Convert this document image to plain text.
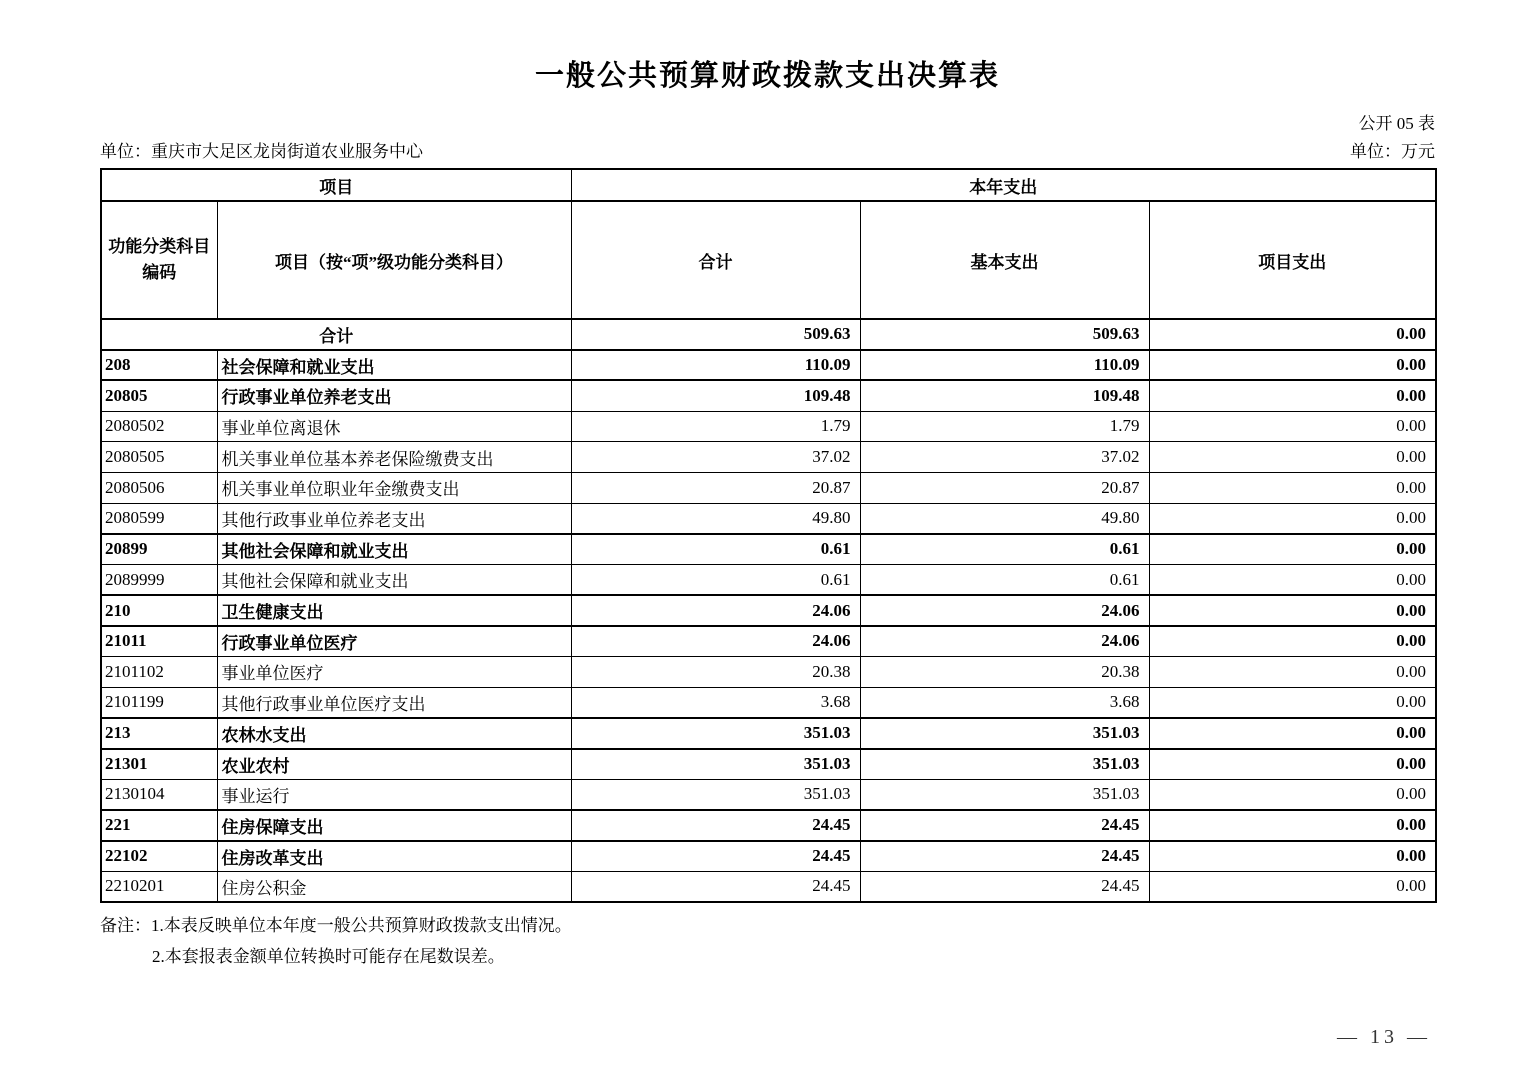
一般公共预算财政拨款支出决算表
公开 05 表
单位：重庆市大足区龙岗街道农业服务中心	单位：万元
项目		本年支出		

功能分类科目
编码	项目（按“项”级功能分类科目）	合计	基本支出	项目支出
合计		509.63	509.63	0.00
208	社会保障和就业支出	110.09	110.09	0.00
20805	行政事业单位养老支出	109.48	109.48	0.00
2080502	事业单位离退休	1.79	1.79	0.00
2080505	机关事业单位基本养老保险缴费支出	37.02	37.02	0.00
2080506	机关事业单位职业年金缴费支出	20.87	20.87	0.00
2080599	其他行政事业单位养老支出	49.80	49.80	0.00
20899	其他社会保障和就业支出	0.61	0.61	0.00
2089999	其他社会保障和就业支出	0.61	0.61	0.00
210	卫生健康支出	24.06	24.06	0.00
21011	行政事业单位医疗	24.06	24.06	0.00
2101102	事业单位医疗	20.38	20.38	0.00
2101199	其他行政事业单位医疗支出	3.68	3.68	0.00
213	农林水支出	351.03	351.03	0.00
21301	农业农村	351.03	351.03	0.00
2130104	事业运行	351.03	351.03	0.00
221	住房保障支出	24.45	24.45	0.00
22102	住房改革支出	24.45	24.45	0.00
2210201	住房公积金	24.45	24.45	0.00
备注：1.本表反映单位本年度一般公共预算财政拨款支出情况。
2.本套报表金额单位转换时可能存在尾数误差。
— 13 —
